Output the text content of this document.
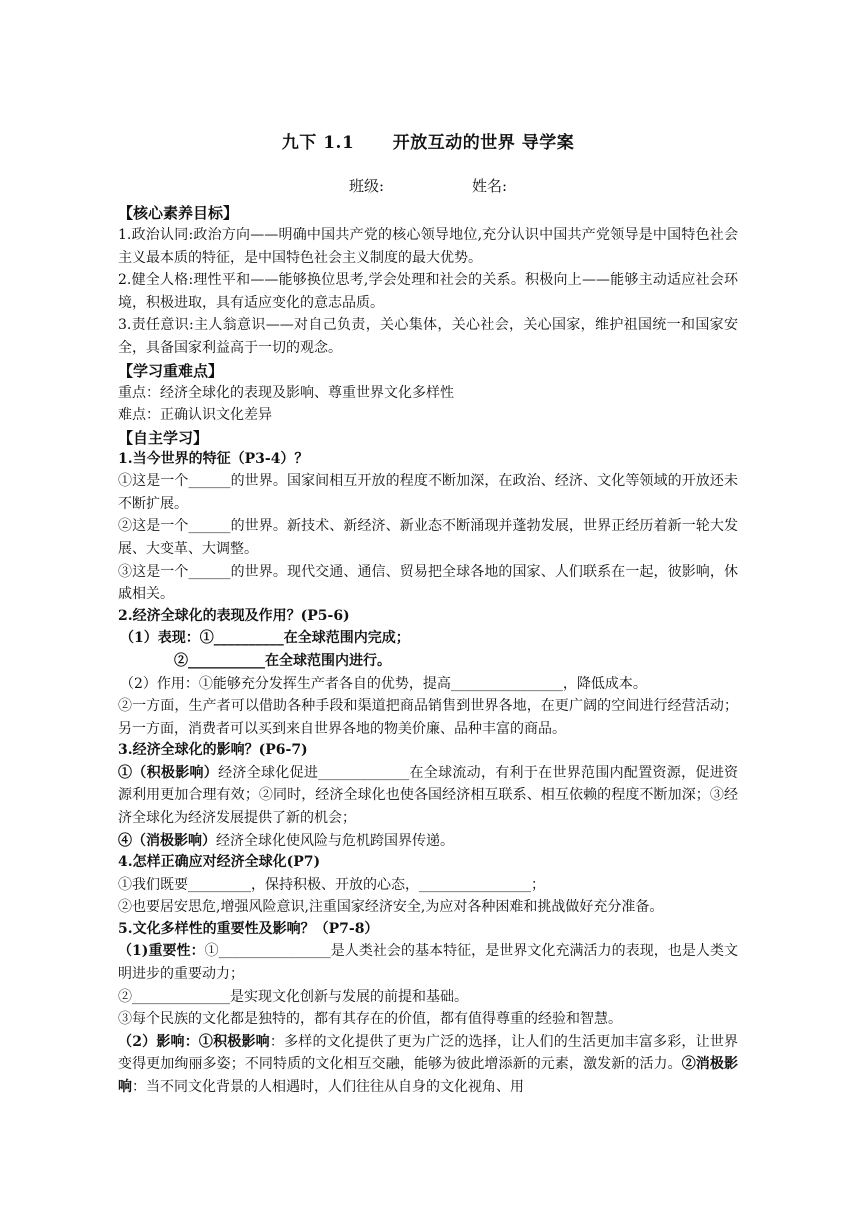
九下 1.1      开放互动的世界 导学案
班级:	姓名:

【核心素养目标】

1.政治认同:政治方向——明确中国共产党的核心领导地位,充分认识中国共产党领导是中国特色社会主义最本质的特征，是中国特色社会主义制度的最大优势。

2.健全人格:理性平和——能够换位思考,学会处理和社会的关系。积极向上——能够主动适应社会环境，积极进取，具有适应变化的意志品质。

3.责任意识:主人翁意识——对自己负责，关心集体，关心社会，关心国家，维护祖国统一和国家安全，具备国家利益高于一切的观念。

【学习重难点】

重点：经济全球化的表现及影响、尊重世界文化多样性

难点：正确认识文化差异

【自主学习】

1.当今世界的特征（P3-4）？

①这是一个______的世界。国家间相互开放的程度不断加深，在政治、经济、文化等领域的开放还未不断扩展。

②这是一个______的世界。新技术、新经济、新业态不断涌现并蓬勃发展，世界正经历着新一轮大发展、大变革、大调整。

③这是一个______的世界。现代交通、通信、贸易把全球各地的国家、人们联系在一起，彼影响，休戚相关。

2.经济全球化的表现及作用？(P5-6)

（1）表现：①__________在全球范围内完成；

②___________在全球范围内进行。

（2）作用：①能够充分发挥生产者各自的优势，提高________________，降低成本。

②一方面，生产者可以借助各种手段和渠道把商品销售到世界各地，在更广阔的空间进行经营活动；另一方面，消费者可以买到来自世界各地的物美价廉、品种丰富的商品。

3.经济全球化的影响？(P6-7)

①（积极影响）经济全球化促进_____________在全球流动，有利于在世界范围内配置资源，促进资源利用更加合理有效；②同时，经济全球化也使各国经济相互联系、相互依赖的程度不断加深；③经济全球化为经济发展提供了新的机会；

④（消极影响）经济全球化使风险与危机跨国界传递。

4.怎样正确应对经济全球化(P7)

①我们既要_________，保持积极、开放的心态，________________；

②也要居安思危,增强风险意识,注重国家经济安全,为应对各种困难和挑战做好充分准备。

5.文化多样性的重要性及影响？（P7-8）

（1)重要性：①________________是人类社会的基本特征，是世界文化充满活力的表现，也是人类文明进步的重要动力；

②______________是实现文化创新与发展的前提和基础。

③每个民族的文化都是独特的，都有其存在的价值，都有值得尊重的经验和智慧。

（2）影响：①积极影响：多样的文化提供了更为广泛的选择，让人们的生活更加丰富多彩，让世界变得更加绚丽多姿；不同特质的文化相互交融，能够为彼此增添新的元素，激发新的活力。②消极影响：当不同文化背景的人相遇时，人们往往从自身的文化视角、用
